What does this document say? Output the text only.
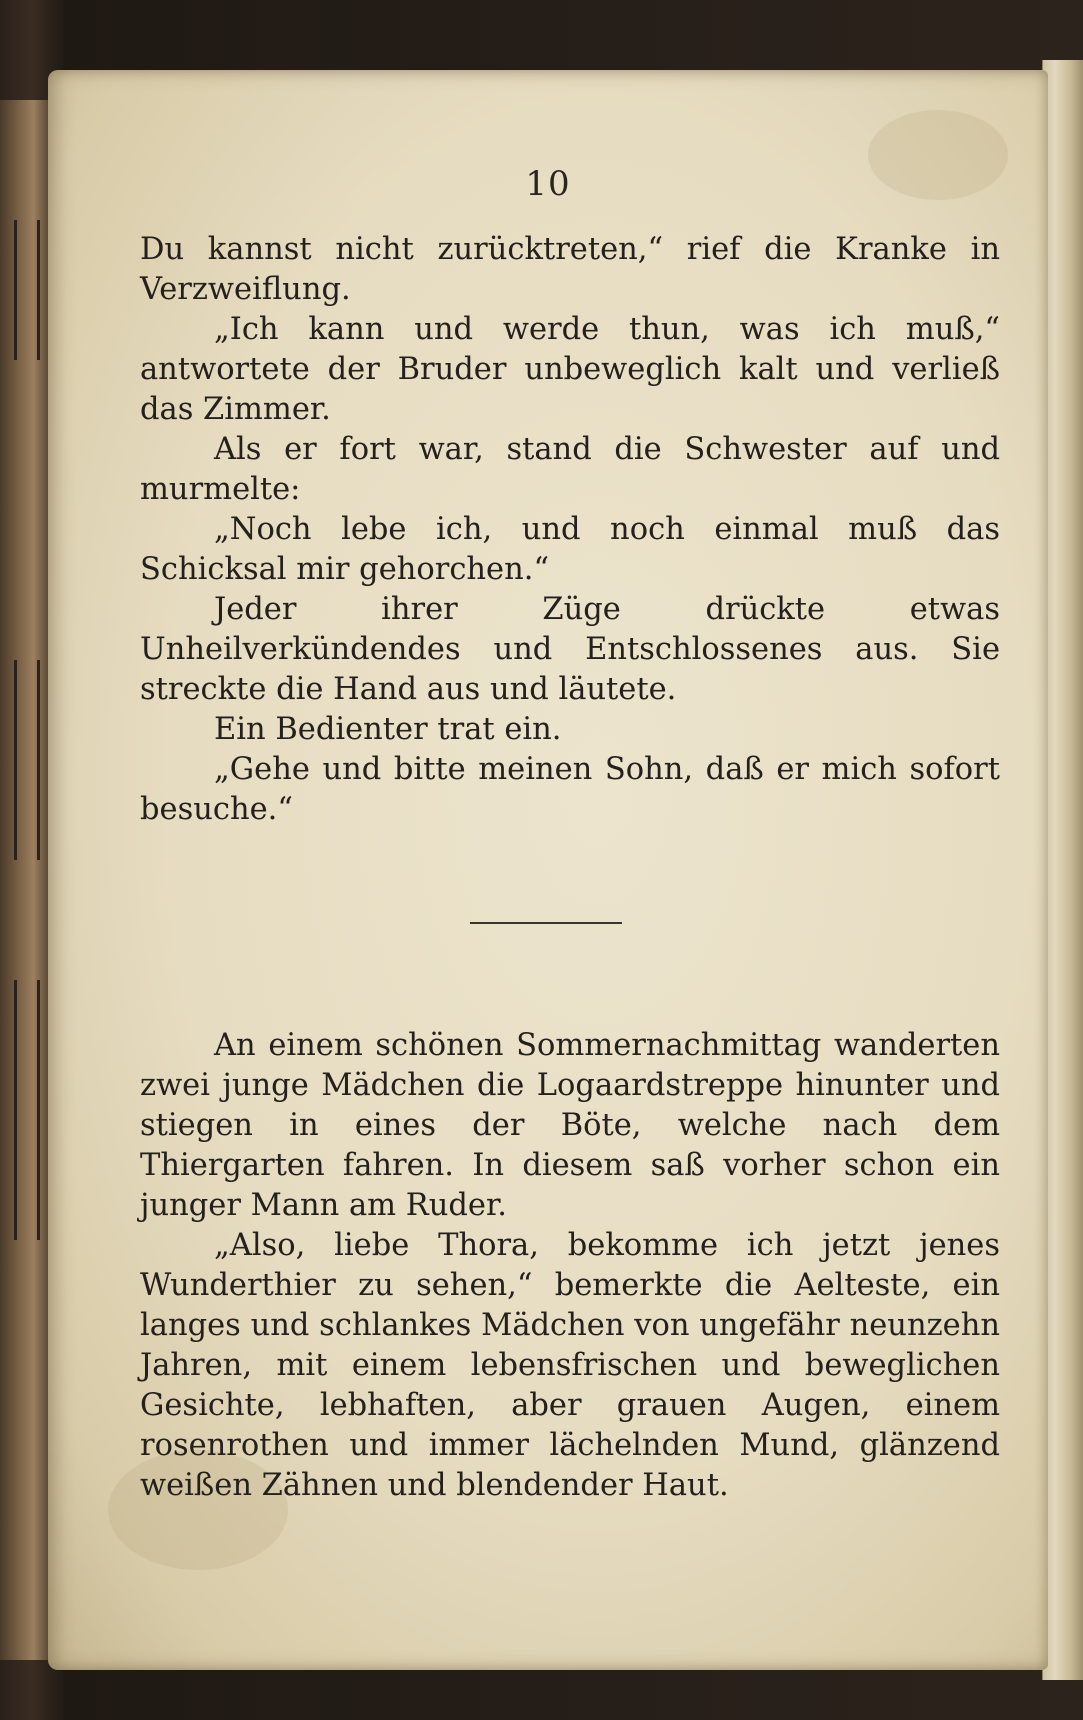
10

Du kannst nicht zurücktreten,“ rief die Kranke in Verzweiflung.

„Ich kann und werde thun, was ich muß,“ antwortete der Bruder unbeweglich kalt und verließ das Zimmer.

Als er fort war, stand die Schwester auf und murmelte:

„Noch lebe ich, und noch einmal muß das Schicksal mir gehorchen.“

Jeder ihrer Züge drückte etwas Unheilverkündendes und Entschlossenes aus. Sie streckte die Hand aus und läutete.

Ein Bedienter trat ein.

„Gehe und bitte meinen Sohn, daß er mich sofort besuche.“

An einem schönen Sommernachmittag wanderten zwei junge Mädchen die Logaardstreppe hinunter und stiegen in eines der Böte, welche nach dem Thiergarten fahren. In diesem saß vorher schon ein junger Mann am Ruder.

„Also, liebe Thora, bekomme ich jetzt jenes Wunderthier zu sehen,“ bemerkte die Aelteste, ein langes und schlankes Mädchen von ungefähr neunzehn Jahren, mit einem lebensfrischen und beweglichen Gesichte, lebhaften, aber grauen Augen, einem rosenrothen und immer lächelnden Mund, glänzend weißen Zähnen und blendender Haut.
